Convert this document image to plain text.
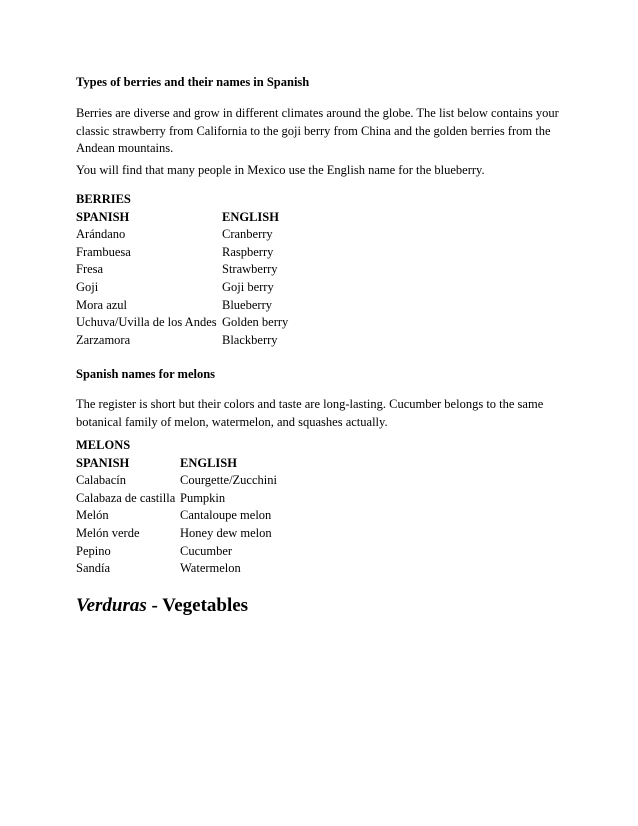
Types of berries and their names in Spanish

Berries are diverse and grow in different climates around the globe. The list below contains your classic strawberry from California to the goji berry from China and the golden berries from the Andean mountains.

You will find that many people in Mexico use the English name for the blueberry.

BERRIES	
SPANISH	ENGLISH
Arándano	Cranberry
Frambuesa	Raspberry
Fresa	Strawberry
Goji	Goji berry
Mora azul	Blueberry
Uchuva/Uvilla de los Andes	Golden berry
Zarzamora	Blackberry

Spanish names for melons

The register is short but their colors and taste are long-lasting. Cucumber belongs to the same botanical family of melon, watermelon, and squashes actually.

MELONS	
SPANISH	ENGLISH
Calabacín	Courgette/Zucchini
Calabaza de castilla	Pumpkin
Melón	Cantaloupe melon
Melón verde	Honey dew melon
Pepino	Cucumber
Sandía	Watermelon

Verduras - Vegetables
